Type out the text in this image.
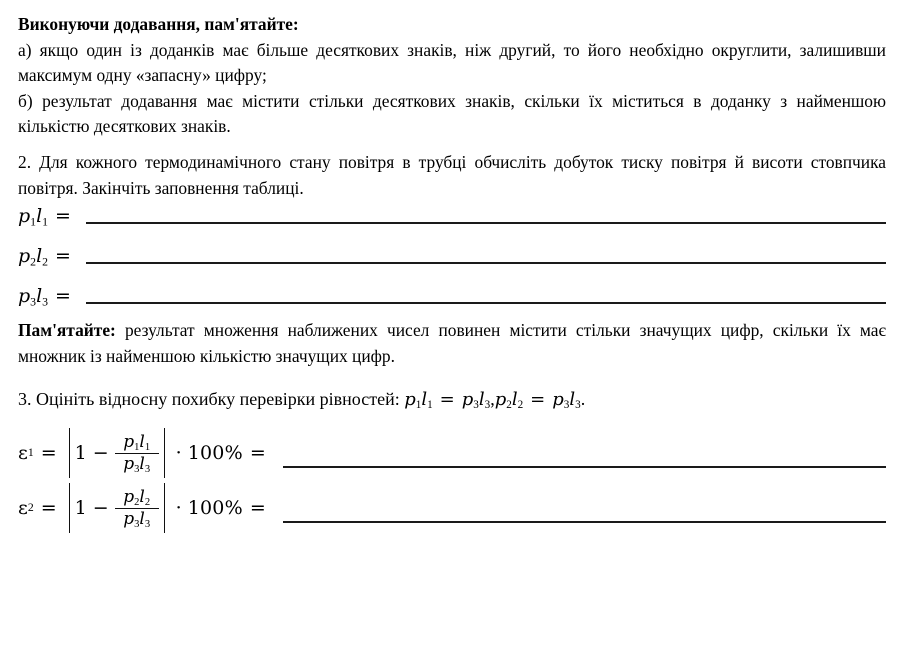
Виконуючи додавання, пам'ятайте:

а) якщо один із доданків має більше десяткових знаків, ніж другий, то його необхідно округлити, залишивши максимум одну «запасну» цифру;

б) результат додавання має містити стільки десяткових знаків, скільки їх міститься в доданку з найменшою кількістю десяткових знаків.

2. Для кожного термодинамічного стану повітря в трубці обчисліть добуток тиску повітря й висоти стовпчика повітря. Закінчіть заповнення таблиці.

$p_1l_1$ =
$p_2l_2$ =
$p_3l_3$ =

Пам'ятайте: результат множення наближених чисел повинен містити стільки значущих цифр, скільки їх має множник із найменшою кількістю значущих цифр.

3. Оцініть відносну похибку перевірки рівностей: $p_1l_1 = p_3l_3,p_2l_2 = p_3l_3$.

ε $1 = 1 - \frac{p_1l_1}{p_3l_3} \cdot 100\%$ =
ε $2 = 1 - \frac{p_2l_2}{p_3l_3} \cdot 100\%$ =
